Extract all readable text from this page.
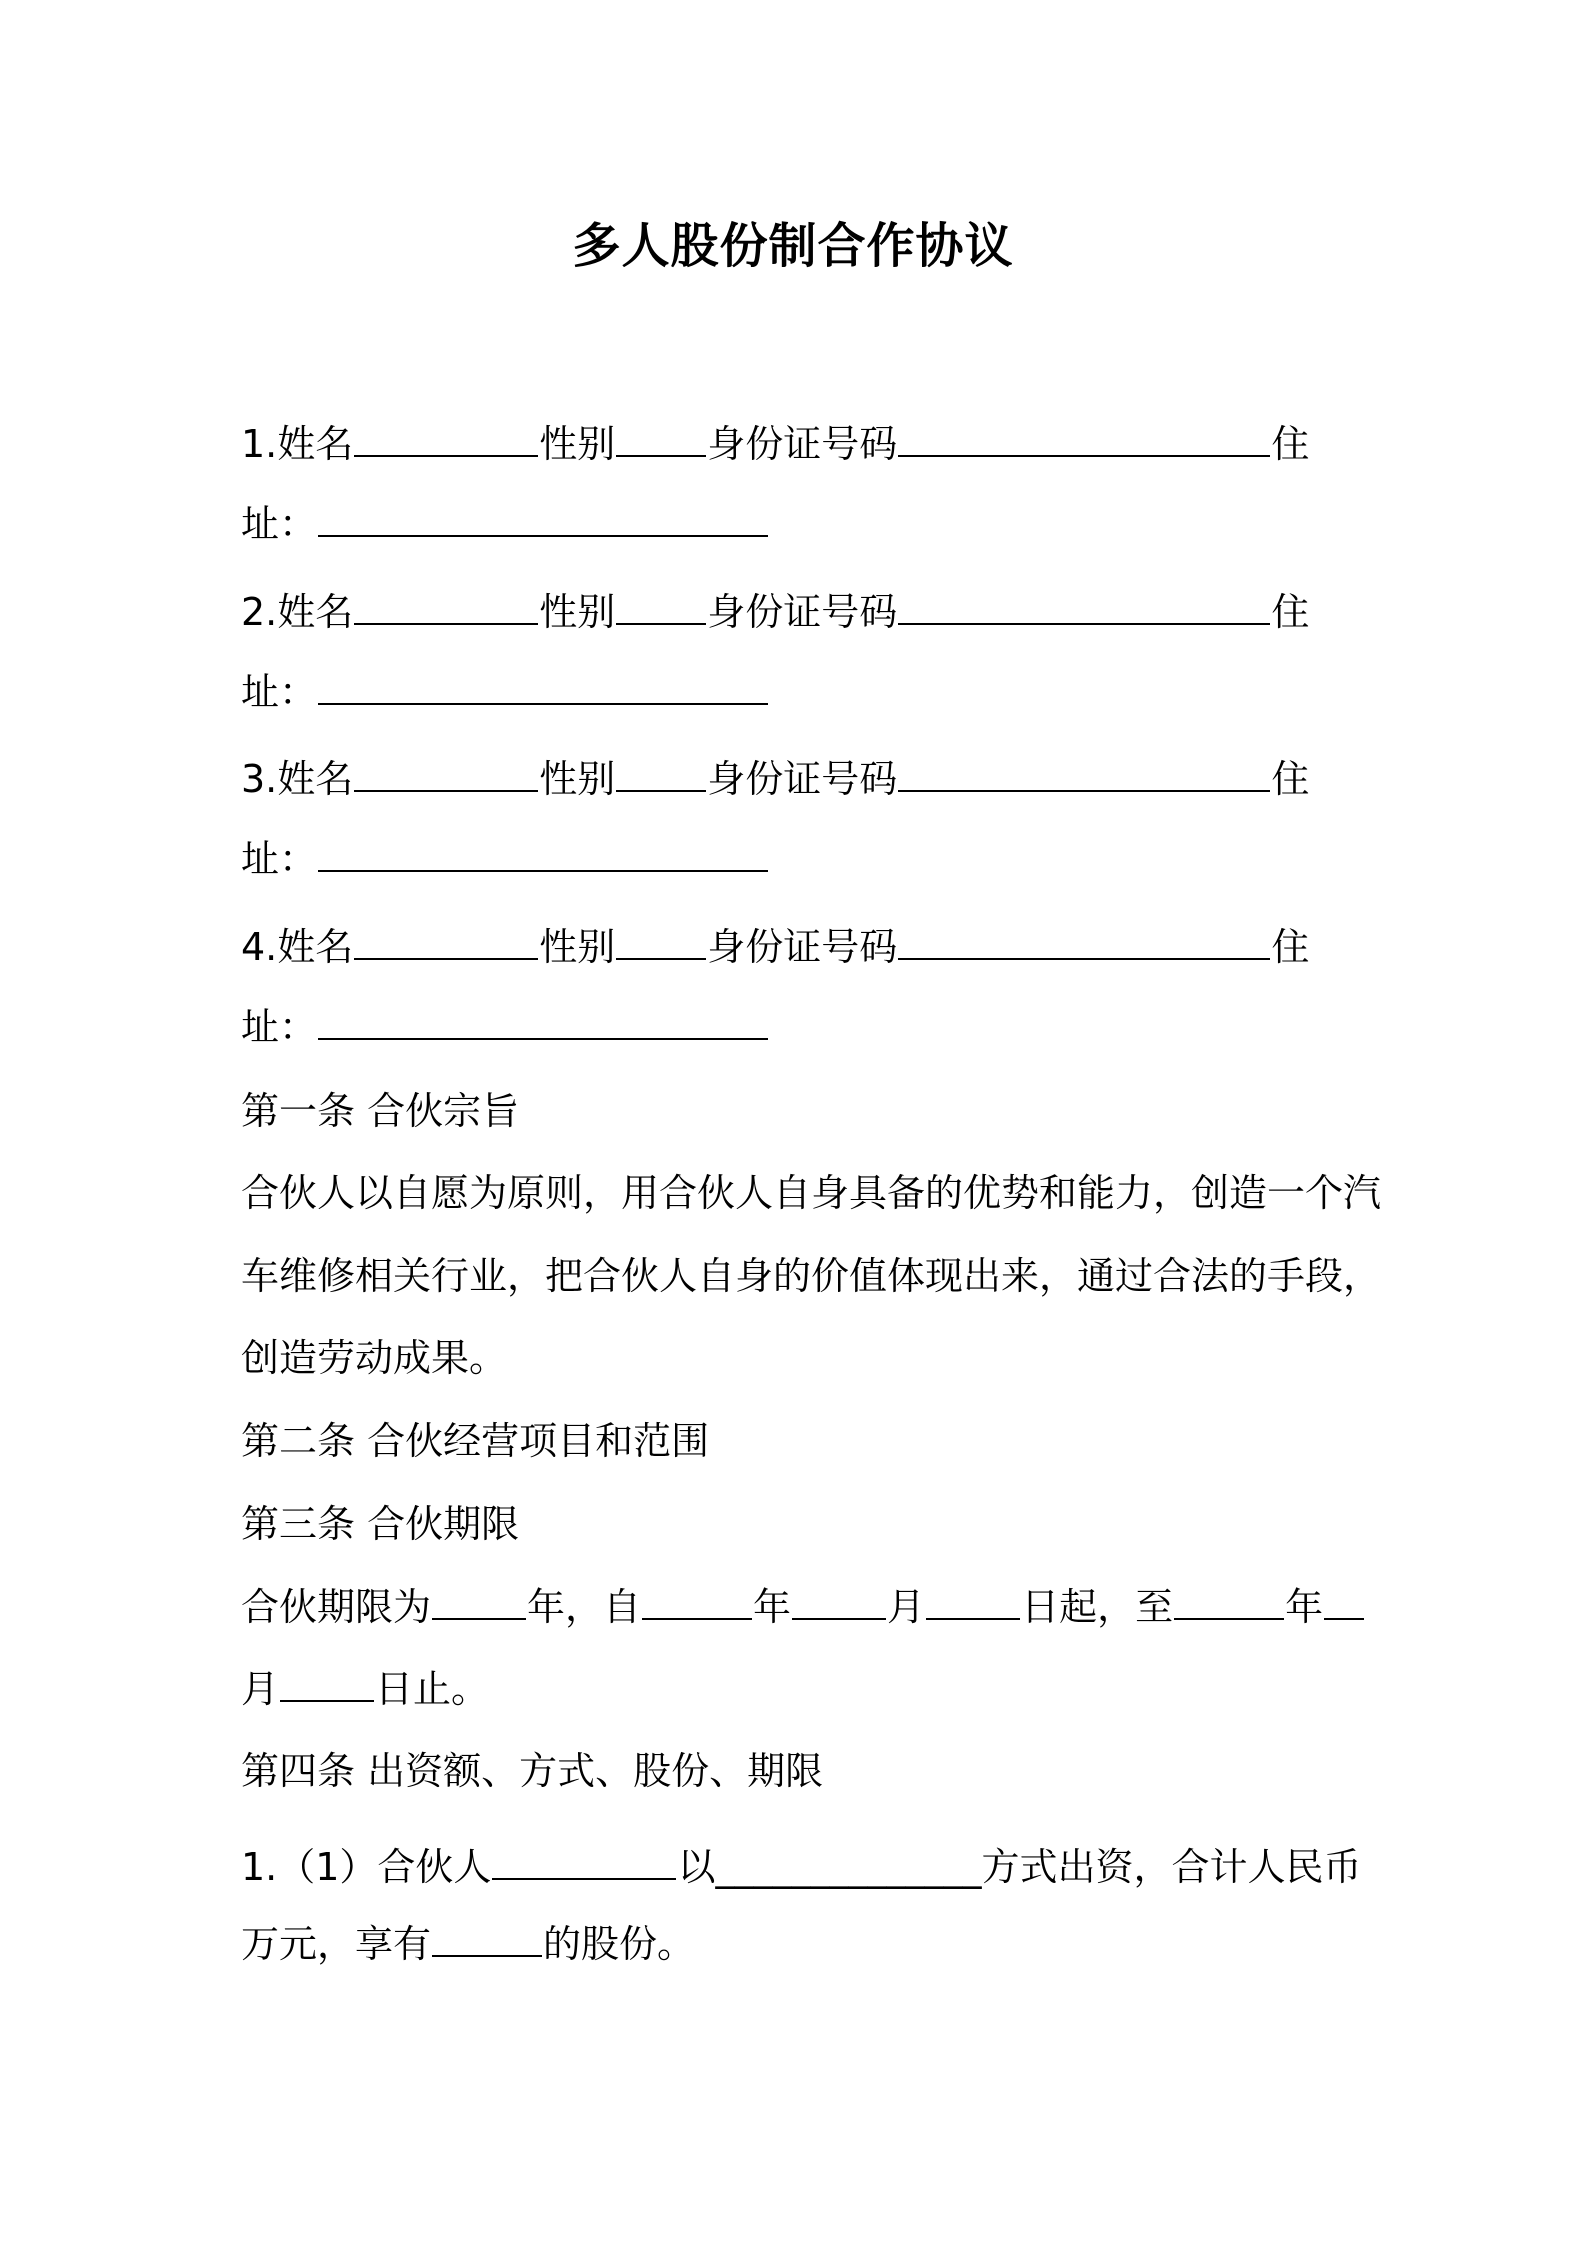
多人股份制合作协议
1.姓名	性别 身份证号码	住
址：
2.姓名	性别 身份证号码	住
址：
3.姓名	性别 身份证号码	住
址：
4.姓名	性别 身份证号码	住
址：
第一条 合伙宗旨
合伙人以自愿为原则，用合伙人自身具备的优势和能力，创造一个汽
车维修相关行业，把合伙人自身的价值体现出来，通过合法的手段，
创造劳动成果。
第二条 合伙经营项目和范围
第三条 合伙期限
合伙期限为	年，自	年	月	日起，至	年
月	日止。
第四条 出资额、方式、股份、期限
1.（1）合伙人	以______________方式出资，合计人民币
万元，享有	的股份。
